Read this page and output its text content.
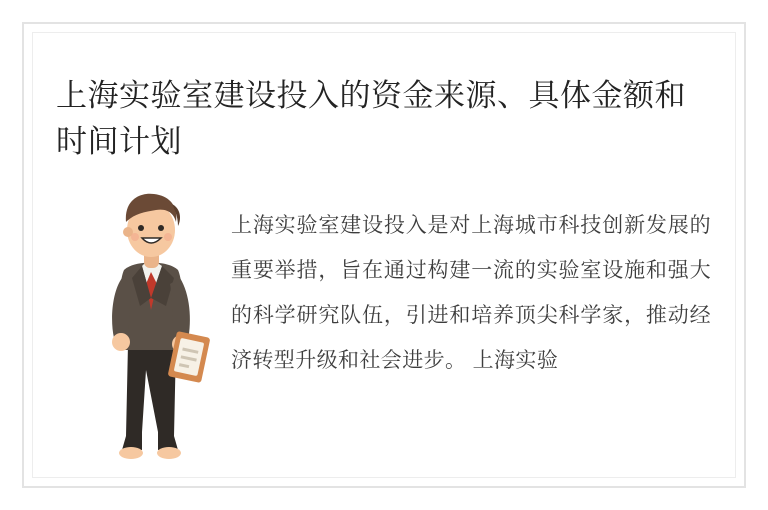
上海实验室建设投入的资金来源、具体金额和时间计划

上海实验室建设投入是对上海城市科技创新发展的重要举措，旨在通过构建一流的实验室设施和强大的科学研究队伍，引进和培养顶尖科学家，推动经济转型升级和社会进步。 上海实验
